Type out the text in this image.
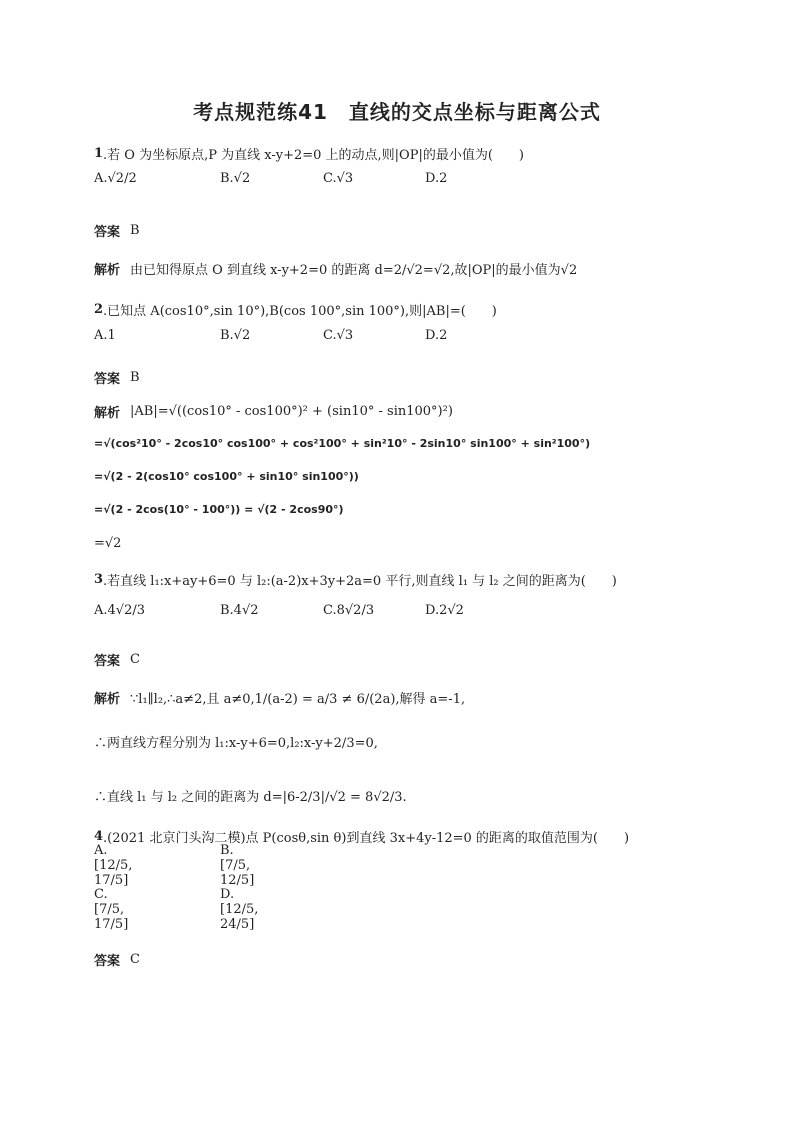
考点规范练41　直线的交点坐标与距离公式
1 .若 O 为坐标原点,P 为直线 x-y+2=0 上的动点,则|OP|的最小值为(　　)
A.√2/2	B.√2	C.√3	D.2
答案 B
解析 由已知得原点 O 到直线 x-y+2=0 的距离 d=2/√2=√2,故|OP|的最小值为√2
2 .已知点 A(cos10°,sin 10°),B(cos 100°,sin 100°),则|AB|=(　　)
A.1	B.√2	C.√3	D.2
答案 B
解析 |AB|=√((cos10° - cos100°)² + (sin10° - sin100°)²)
=√(cos²10° - 2cos10° cos100° + cos²100° + sin²10° - 2sin10° sin100° + sin²100°)
=√(2 - 2(cos10° cos100° + sin10° sin100°))
=√(2 - 2cos(10° - 100°)) = √(2 - 2cos90°)
=√2
3 .若直线 l₁:x+ay+6=0 与 l₂:(a-2)x+3y+2a=0 平行,则直线 l₁ 与 l₂ 之间的距离为(　　)
A.4√2/3	B.4√2	C.8√2/3	D.2√2
答案 C
解析 ∵l₁∥l₂,∴a≠2,且 a≠0,1/(a-2) = a/3 ≠ 6/(2a),解得 a=-1,
∴两直线方程分别为 l₁:x-y+6=0,l₂:x-y+2/3=0,
∴直线 l₁ 与 l₂ 之间的距离为 d=|6-2/3|/√2 = 8√2/3.
4 .(2021 北京门头沟二模)点 P(cosθ,sin θ)到直线 3x+4y-12=0 的距离的取值范围为(　　)
A.[12/5, 17/5]
B.[7/5, 12/5]
C.[7/5, 17/5]
D.[12/5, 24/5]
答案 C
